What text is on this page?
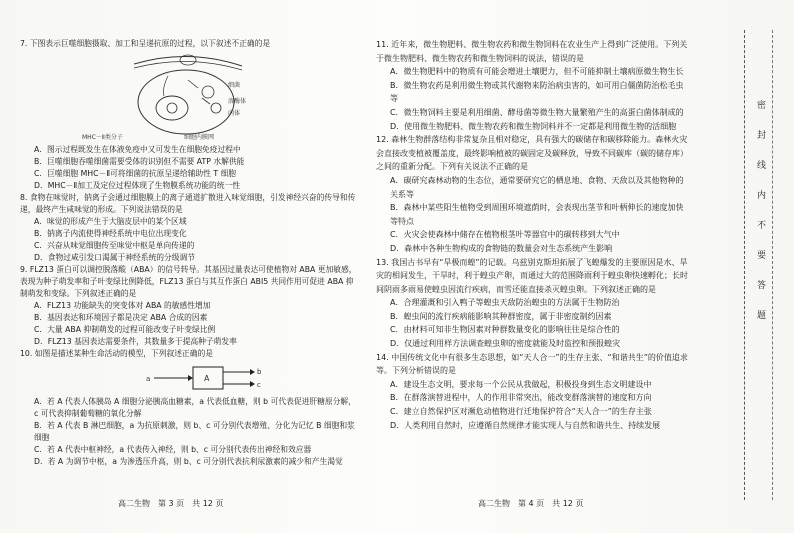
密　封　线　内　不　要　答　题
7. 下图表示巨噬细胞摄取、加工和呈递抗原的过程，以下叙述不正确的是
细菌
溶酶体
内体
MHC－Ⅱ类分子	细胞内膜网
A．图示过程既发生在体液免疫中又可发生在细胞免疫过程中
B．巨噬细胞吞噬细菌需要受体的识别但不需要 ATP 水解供能
C．巨噬细胞 MHC－Ⅱ可将细菌的抗原呈递给辅助性 T 细胞
D．MHC－Ⅱ加工及定位过程体现了生物膜系统功能的统一性
8. 食物在味觉时，钠离子会通过细胞膜上的离子通道扩散进入味觉细胞，引发神经兴奋的传导和传递，最终产生咸味觉的形成。下列说法错误的是
A．味觉的形成产生于大脑皮层中的某个区域
B．钠离子内流使得神经系统中电位出现变化
C．兴奋从味觉细胞传至味觉中枢是单向传递的
D．食物过咸引发口渴属于神经系统的分级调节
9. FLZ13 蛋白可以调控脱落酸（ABA）的信号转导。其基因过量表达可使植物对 ABA 更加敏感，表现为种子萌发率和子叶变绿比例降低，FLZ13 蛋白与其互作蛋白 ABI5 共同作用可促进 ABA 抑制萌发和变绿。下列叙述正确的是
A．FLZ13 功能缺失的突变体对 ABA 的敏感性增加
B．基因表达和环境因子都是决定 ABA 合成的因素
C．大量 ABA 抑制萌发的过程可能改变子叶变绿比例
D．FLZ13 基因表达需要条件，其数量多于提高种子萌发率
10. 如图是描述某种生命活动的模型，下列叙述正确的是
a	A
b
c
A．若 A 代表人体胰岛 A 细胞分泌胰高血糖素，a 代表低血糖，则 b 可代表促进肝糖原分解，c 可代表抑制葡萄糖的氧化分解
B．若 A 代表 B 淋巴细胞，a 为抗原刺激，则 b、c 可分别代表增殖、分化为记忆 B 细胞和浆细胞
C．若 A 代表中枢神经，a 代表传入神经，则 b、c 可分别代表传出神经和效应器
D．若 A 为调节中枢，a 为渗透压升高，则 b、c 可分别代表抗利尿激素的减少和产生渴觉
11. 近年来，微生物肥料、微生物农药和微生物饲料在农业生产上得到广泛使用。下列关于微生物肥料、微生物农药和微生物饲料的说法，错误的是
A．微生物肥料中的物质有可能会增进土壤肥力，但不可能抑制土壤病原微生物生长
B．微生物农药是利用微生物或其代谢物来防治病虫害的，如可用白僵菌防治松毛虫等
C．微生物饲料主要是利用细菌、酵母菌等微生物大量繁殖产生的高蛋白菌体制成的
D．使用微生物肥料、微生物农药和微生物饲料并不一定都是利用微生物的活细胞
12. 森林生物群落结构非常复杂且相对稳定，具有强大的碳储存和碳移除能力。森林火灾会直接改变植被覆盖度，最终影响植被的碳固定及碳释放，导致不同碳库（碳的储存库）之间的重新分配。下列有关说法不正确的是
A．碳研究森林动物的生态位，通常要研究它的栖息地、食物、天敌以及其他物种的关系等
B．森林中某些阳生植物受到周围环境遮荫时，会表现出茎节和叶柄伸长的速度加快等特点
C．火灾会使森林中储存在植物根茎叶等器官中的碳转移到大气中
D．森林中各种生物构成的食物链的数量会对生态系统产生影响
13. 我国古书早有“旱极而蝗”的记载。乌兹别克斯坦拓展了飞蝗爆发的主要原因是水、旱灾的相间发生，干旱时，利于蝗虫产卵，而通过大的范围降雨利于蝗虫卵快速孵化；长时间阴雨多雨易使蝗虫因流行疾病，而雪还能直接杀灭蝗虫卵。下列叙述正确的是
A．合理灌溉和引入鸭子等蝗虫天敌防治蝗虫的方法属于生物防治
B．蝗虫间的流行疾病能影响其种群密度，属于非密度制约因素
C．由材料可知非生物因素对种群数量变化的影响往往是综合性的
D．仅通过利用样方法调查蝗虫卵的密度就能及时监控和预报蝗灾
14. 中国传统文化中有很多生态思想，如“天人合一”的生存主张、“和谐共生”的价值追求等。下列分析错误的是
A．建设生态文明，要求每一个公民从我做起，积极投身到生态文明建设中
B．在群落演替进程中，人的作用非常突出，能改变群落演替的速度和方向
C．建立自然保护区对濒危动植物进行迁地保护符合“天人合一”的生存主张
D．人类利用自然时，应遵循自然规律才能实现人与自然和谐共生、持续发展
高二生物　第 3 页　共 12 页	高二生物　第 4 页　共 12 页
